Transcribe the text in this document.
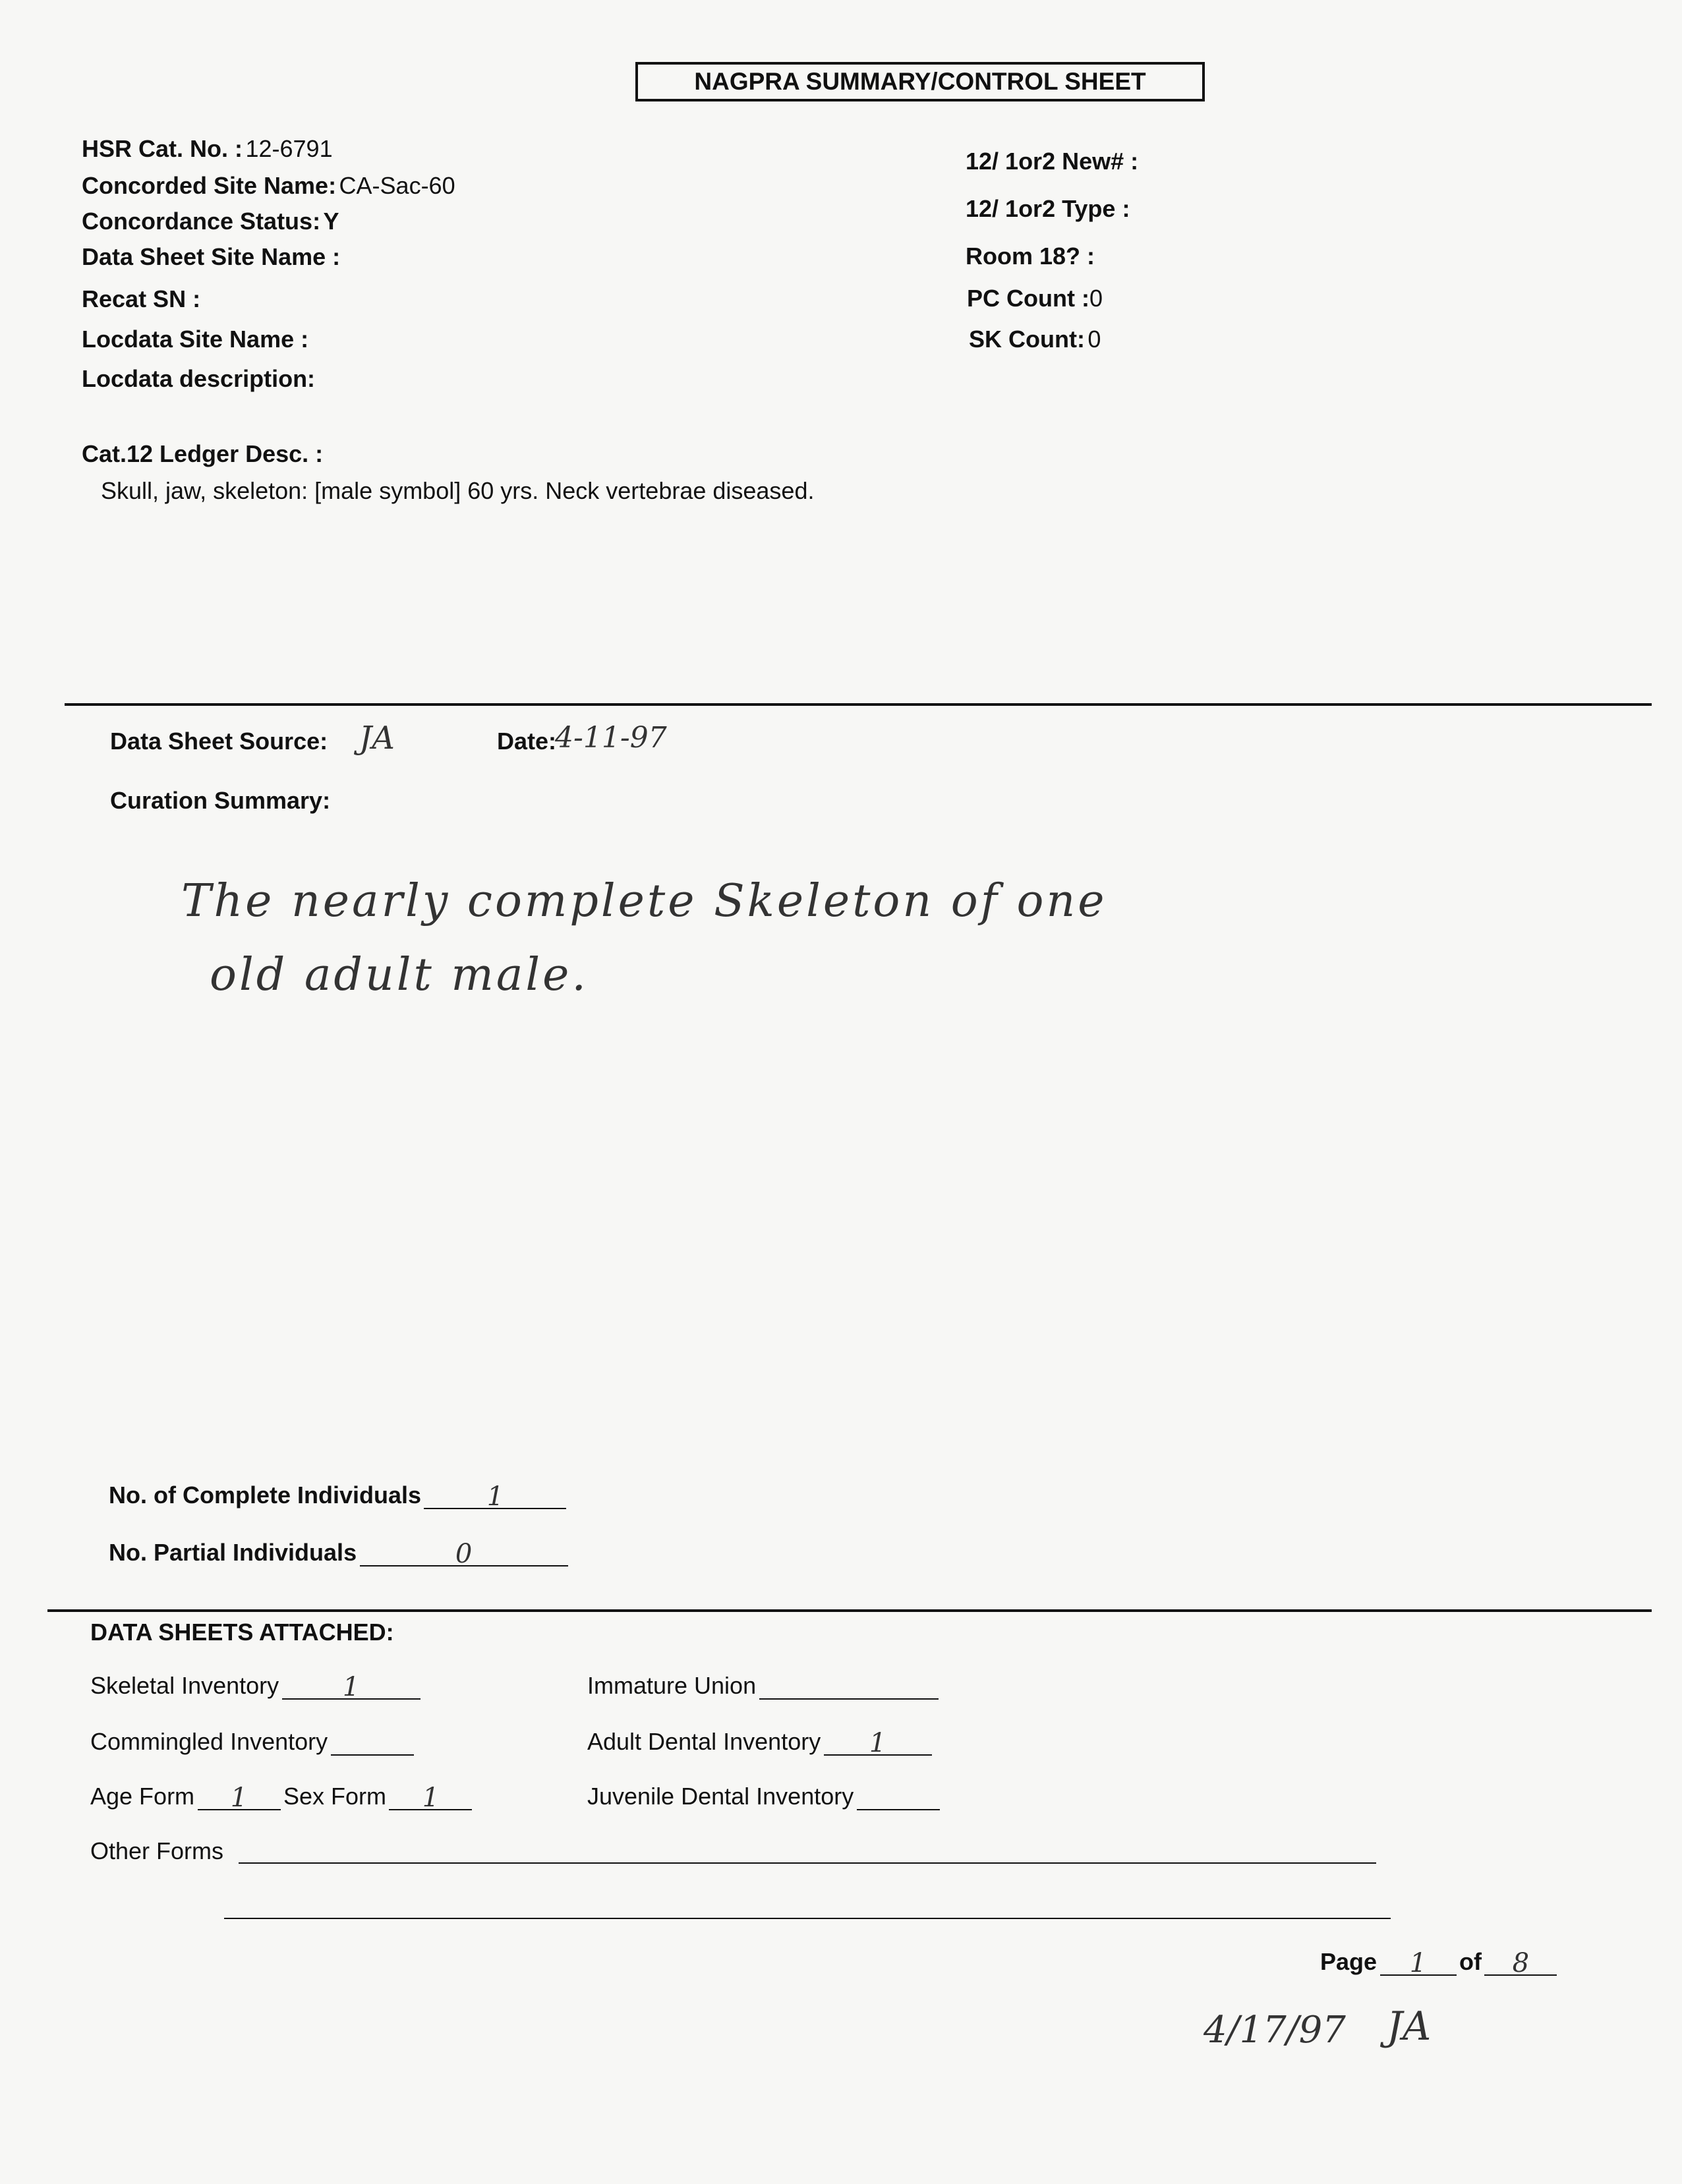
NAGPRA SUMMARY/CONTROL SHEET
HSR Cat. No. : 12-6791
Concorded Site Name: CA-Sac-60
Concordance Status: Y
Data Sheet Site Name :
Recat SN :
Locdata Site Name :
Locdata description:
12/ 1or2 New# :
12/ 1or2 Type :
Room 18? :
PC Count :0
SK Count: 0
Cat.12 Ledger Desc. :
Skull, jaw, skeleton: [male symbol] 60 yrs. Neck vertebrae diseased.
Data Sheet Source: JA	Date:
4-11-97
Curation Summary:
The nearly complete Skeleton of one
old adult male.
No. of Complete Individuals 1
No. Partial Individuals	0
DATA SHEETS ATTACHED:
Skeletal Inventory 1	Immature Union
Commingled Inventory	Adult Dental Inventory 1
Age Form 1 Sex Form 1	Juvenile Dental Inventory
Other Forms
Page 1 of 8
4/17/97 JA
